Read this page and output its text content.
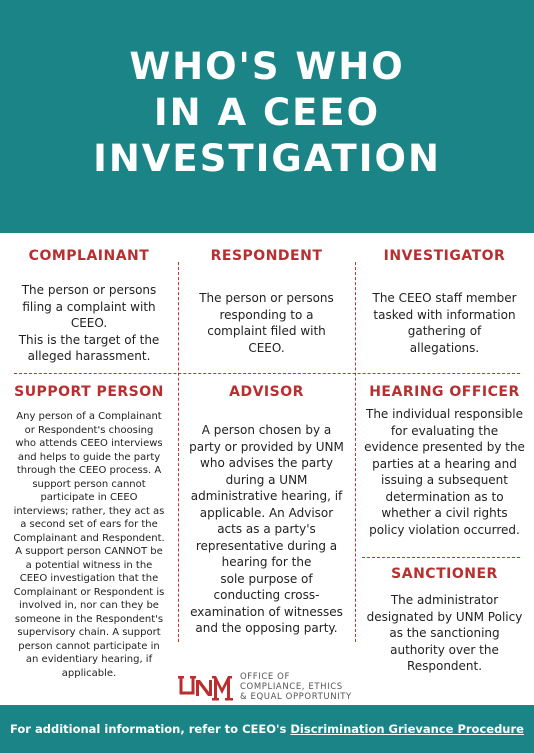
WHO'S WHO
IN A CEEO
INVESTIGATION
COMPLAINANT

The person or persons
filing a complaint with
CEEO.
This is the target of the
alleged harassment.

RESPONDENT

The person or persons
responding to a
complaint filed with
CEEO.

INVESTIGATOR

The CEEO staff member
tasked with information
gathering of
allegations.

SUPPORT PERSON

Any person of a Complainant
or Respondent's choosing
who attends CEEO interviews
and helps to guide the party
through the CEEO process. A
support person cannot
participate in CEEO
interviews; rather, they act as
a second set of ears for the
Complainant and Respondent.
A support person CANNOT be
a potential witness in the
CEEO investigation that the
Complainant or Respondent is
involved in, nor can they be
someone in the Respondent's
supervisory chain. A support
person cannot participate in
an evidentiary hearing, if
applicable.

ADVISOR

A person chosen by a
party or provided by UNM
who advises the party
during a UNM
administrative hearing, if
applicable. An Advisor
acts as a party's
representative during a
hearing for the
sole purpose of
conducting cross-
examination of witnesses
and the opposing party.

HEARING OFFICER

The individual responsible
for evaluating the
evidence presented by the
parties at a hearing and
issuing a subsequent
determination as to
whether a civil rights
policy violation occurred.

SANCTIONER

The administrator
designated by UNM Policy
as the sanctioning
authority over the
Respondent.

UNM
OFFICE OF
COMPLIANCE, ETHICS
& EQUAL OPPORTUNITY
For additional information, refer to CEEO's Discrimination Grievance Procedure
